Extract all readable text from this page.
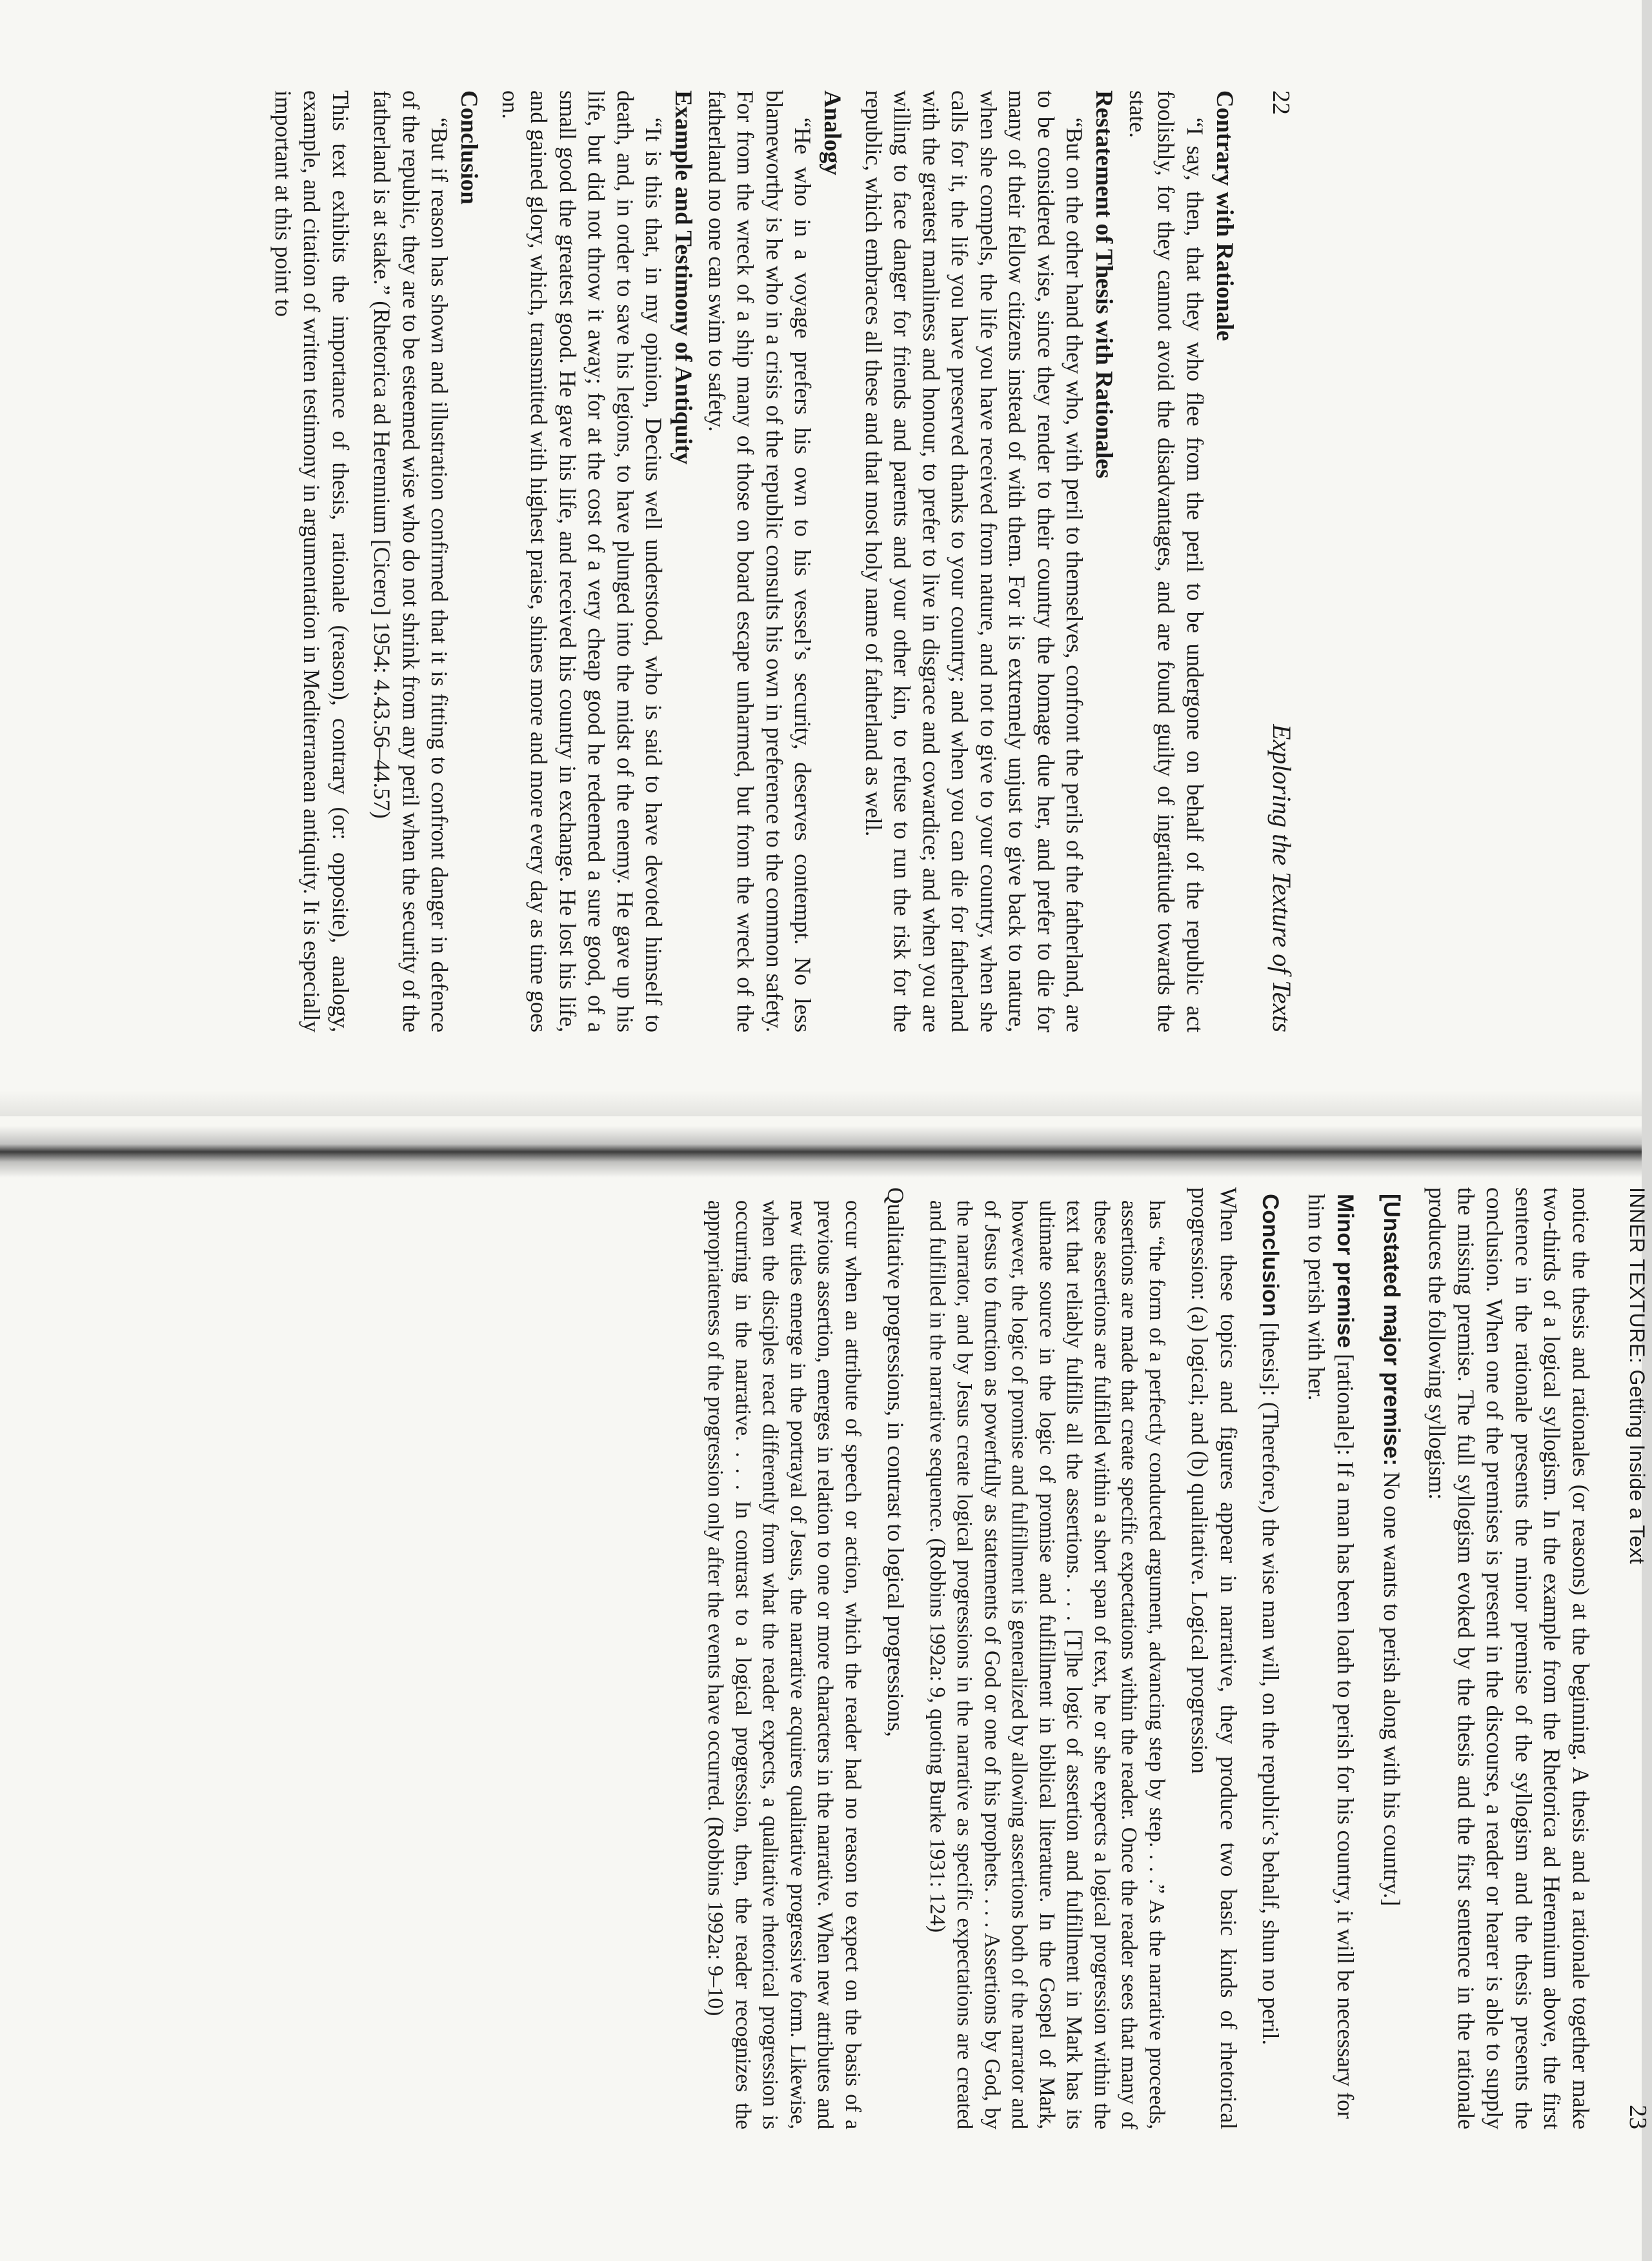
22
Exploring the Texture of Texts
Contrary with Rationale

“I say, then, that they who flee from the peril to be undergone on behalf of the republic act foolishly, for they cannot avoid the disadvantages, and are found guilty of ingratitude towards the state.

Restatement of Thesis with Rationales

“But on the other hand they who, with peril to themselves, confront the perils of the fatherland, are to be considered wise, since they render to their country the homage due her, and prefer to die for many of their fellow citizens instead of with them. For it is extremely unjust to give back to nature, when she compels, the life you have received from nature, and not to give to your country, when she calls for it, the life you have preserved thanks to your country; and when you can die for fatherland with the greatest manliness and honour, to prefer to live in disgrace and cowardice; and when you are willing to face danger for friends and parents and your other kin, to refuse to run the risk for the republic, which embraces all these and that most holy name of fatherland as well.

Analogy

“He who in a voyage prefers his own to his vessel’s security, deserves contempt. No less blameworthy is he who in a crisis of the republic consults his own in preference to the common safety. For from the wreck of a ship many of those on board escape unharmed, but from the wreck of the fatherland no one can swim to safety.

Example and Testimony of Antiquity

“It is this that, in my opinion, Decius well understood, who is said to have devoted himself to death, and, in order to save his legions, to have plunged into the midst of the enemy. He gave up his life, but did not throw it away; for at the cost of a very cheap good he redeemed a sure good, of a small good the greatest good. He gave his life, and received his country in exchange. He lost his life, and gained glory, which, transmitted with highest praise, shines more and more every day as time goes on.

Conclusion

“But if reason has shown and illustration confirmed that it is fitting to confront danger in defence of the republic, they are to be esteemed wise who do not shrink from any peril when the security of the fatherland is at stake.” (Rhetorica ad Herennium [Cicero] 1954: 4.43.56–44.57)

This text exhibits the importance of thesis, rationale (reason), contrary (or: opposite), analogy, example, and citation of written testimony in argumentation in Mediterranean antiquity. It is especially important at this point to

INNER TEXTURE: Getting Inside a Text
23

notice the thesis and rationales (or reasons) at the beginning. A thesis and a rationale together make two-thirds of a logical syllogism. In the example from the Rhetorica ad Herennium above, the first sentence in the rationale presents the minor premise of the syllogism and the thesis presents the conclusion. When one of the premises is present in the discourse, a reader or hearer is able to supply the missing premise. The full syllogism evoked by the thesis and the first sentence in the rationale produces the following syllogism:

[Unstated major premise: No one wants to perish along with his country.]
Minor premise [rationale]: If a man has been loath to perish for his country, it will be necessary for him to perish with her.
Conclusion [thesis]: (Therefore,) the wise man will, on the republic’s behalf, shun no peril.

When these topics and figures appear in narrative, they produce two basic kinds of rhetorical progression: (a) logical; and (b) qualitative. Logical progression

has “the form of a perfectly conducted argument, advancing step by step. . . .” As the narrative proceeds, assertions are made that create specific expectations within the reader. Once the reader sees that many of these assertions are fulfilled within a short span of text, he or she expects a logical progression within the text that reliably fulfills all the assertions. . . . [T]he logic of assertion and fulfillment in Mark has its ultimate source in the logic of promise and fulfillment in biblical literature. In the Gospel of Mark, however, the logic of promise and fulfillment is generalized by allowing assertions both of the narrator and of Jesus to function as powerfully as statements of God or one of his prophets. . . . Assertions by God, by the narrator, and by Jesus create logical progressions in the narrative as specific expectations are created and fulfilled in the narrative sequence. (Robbins 1992a: 9, quoting Burke 1931: 124)

Qualitative progressions, in contrast to logical progressions,

occur when an attribute of speech or action, which the reader had no reason to expect on the basis of a previous assertion, emerges in relation to one or more characters in the narrative. When new attributes and new titles emerge in the portrayal of Jesus, the narrative acquires qualitative progressive form. Likewise, when the disciples react differently from what the reader expects, a qualitative rhetorical progression is occurring in the narrative. . . . In contrast to a logical progression, then, the reader recognizes the appropriateness of the progression only after the events have occurred. (Robbins 1992a: 9–10)
